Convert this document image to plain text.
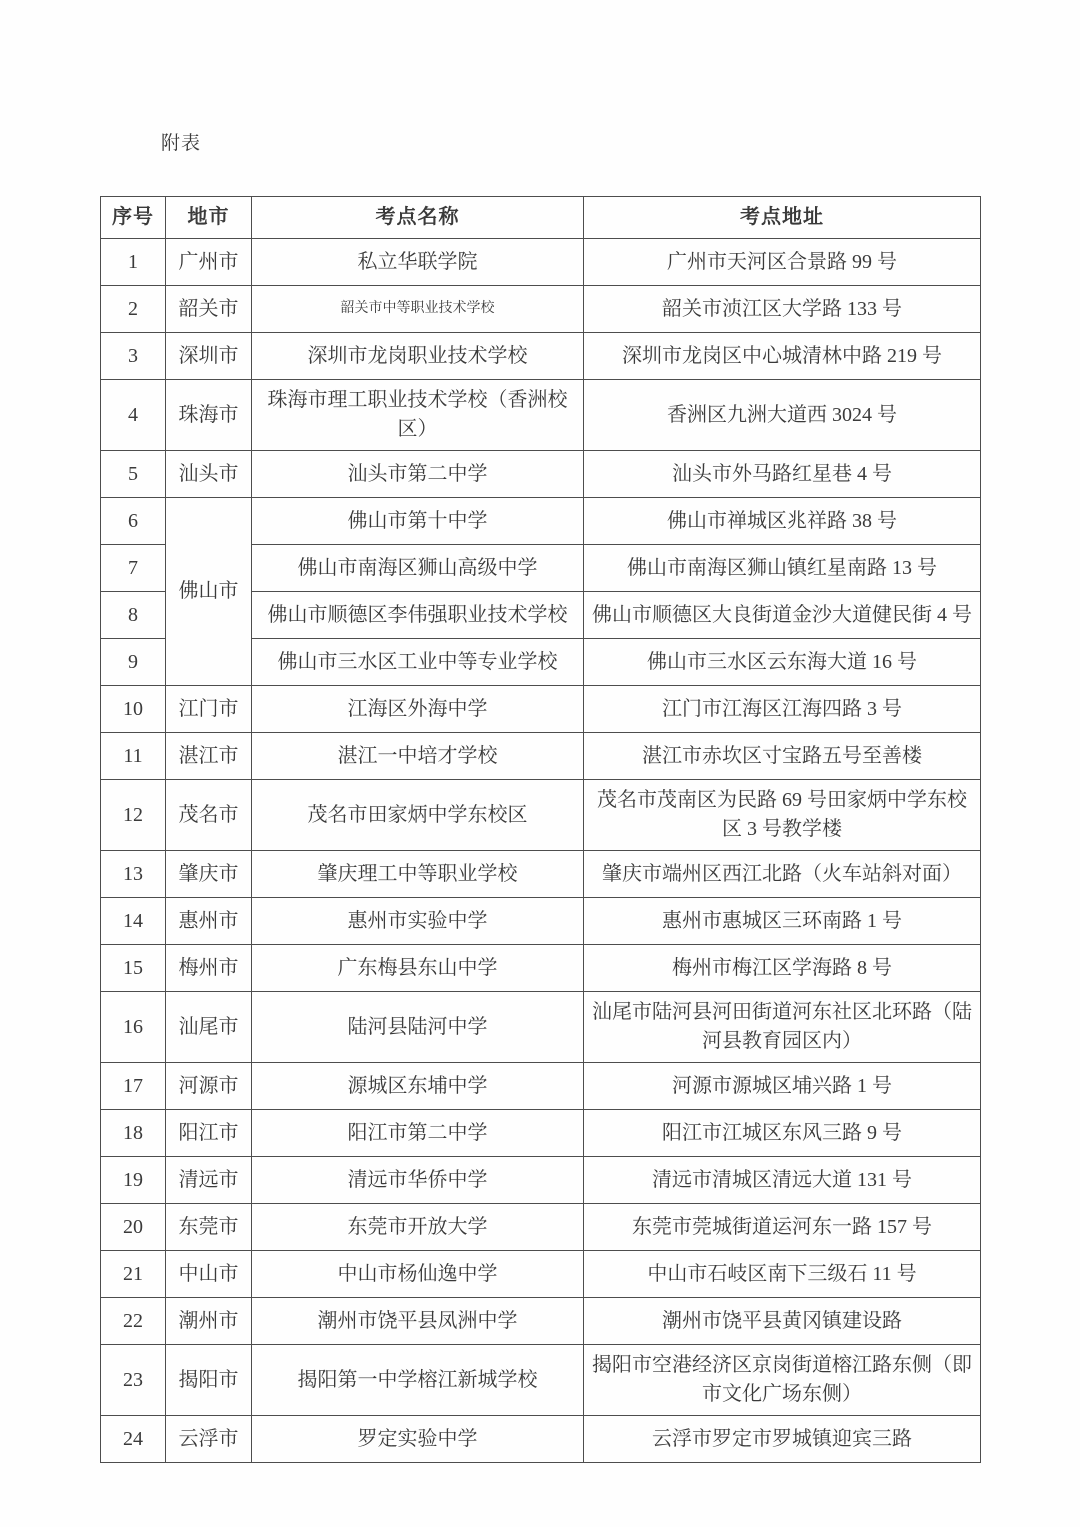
附表
序号	地市	考点名称	考点地址
1	广州市	私立华联学院	广州市天河区合景路 99 号
2	韶关市	韶关市中等职业技术学校	韶关市浈江区大学路 133 号
3	深圳市	深圳市龙岗职业技术学校	深圳市龙岗区中心城清林中路 219 号
4	珠海市	珠海市理工职业技术学校（香洲校区）	香洲区九洲大道西 3024 号
5	汕头市	汕头市第二中学	汕头市外马路红星巷 4 号
6	佛山市	佛山市第十中学	佛山市禅城区兆祥路 38 号
7		佛山市南海区狮山高级中学	佛山市南海区狮山镇红星南路 13 号
8		佛山市顺德区李伟强职业技术学校	佛山市顺德区大良街道金沙大道健民街 4 号
9		佛山市三水区工业中等专业学校	佛山市三水区云东海大道 16 号
10	江门市	江海区外海中学	江门市江海区江海四路 3 号
11	湛江市	湛江一中培才学校	湛江市赤坎区寸宝路五号至善楼
12	茂名市	茂名市田家炳中学东校区	茂名市茂南区为民路 69 号田家炳中学东校区 3 号教学楼
13	肇庆市	肇庆理工中等职业学校	肇庆市端州区西江北路（火车站斜对面）
14	惠州市	惠州市实验中学	惠州市惠城区三环南路 1 号
15	梅州市	广东梅县东山中学	梅州市梅江区学海路 8 号
16	汕尾市	陆河县陆河中学	汕尾市陆河县河田街道河东社区北环路（陆河县教育园区内）
17	河源市	源城区东埔中学	河源市源城区埔兴路 1 号
18	阳江市	阳江市第二中学	阳江市江城区东风三路 9 号
19	清远市	清远市华侨中学	清远市清城区清远大道 131 号
20	东莞市	东莞市开放大学	东莞市莞城街道运河东一路 157 号
21	中山市	中山市杨仙逸中学	中山市石岐区南下三级石 11 号
22	潮州市	潮州市饶平县凤洲中学	潮州市饶平县黄冈镇建设路
23	揭阳市	揭阳第一中学榕江新城学校	揭阳市空港经济区京岗街道榕江路东侧（即市文化广场东侧）
24	云浮市	罗定实验中学	云浮市罗定市罗城镇迎宾三路
